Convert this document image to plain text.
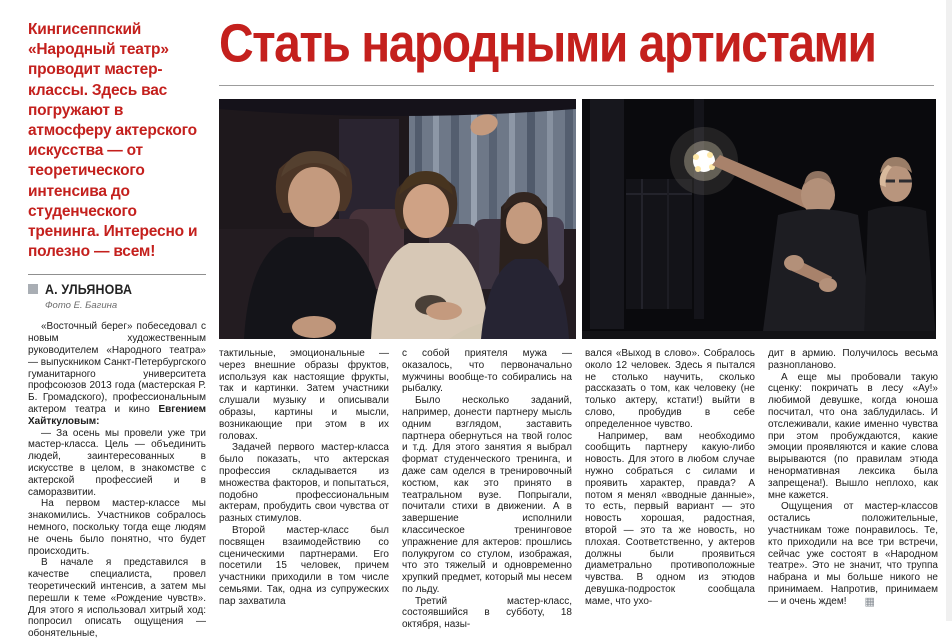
Кингисеппский «Народный театр» проводит мастер-классы. Здесь вас погружают в атмосферу актерского искусства — от теоретического интенсива до студенческого тренинга. Интересно и полезно — всем!
А. УЛЬЯНОВА
Фото Е. Багина

«Восточный берег» побеседовал с новым художественным руководителем «Народного театра» — выпускником Санкт-Петербургского гуманитарного университета профсоюзов 2013 года (мастерская Р. Б. Громадского), профессиональным актером театра и кино Евгением Хайткуловым:

— За осень мы провели уже три мастер-класса. Цель — объединить людей, заинтересованных в искусстве в целом, в знакомстве с актерской профессией и в саморазвитии.

На первом мастер-классе мы знакомились. Участников собралось немного, поскольку тогда еще людям не очень было понятно, что будет происходить.

В начале я представился в качестве специалиста, провел теоретический интенсив, а затем мы перешли к теме «Рождение чувств». Для этого я использовал хитрый ход: попросил описать ощущения — обонятельные,

Стать народными артистами

тактильные, эмоциональные — через внешние образы фруктов, используя как настоящие фрукты, так и картинки. Затем участники слушали музыку и описывали образы, картины и мысли, возникающие при этом в их головах.

Задачей первого мастер-класса было показать, что актерская профессия складывается из множества факторов, и попытаться, подобно профессиональным актерам, пробудить свои чувства от разных стимулов.

Второй мастер-класс был посвящен взаимодействию со сценическими партнерами. Его посетили 15 человек, причем участники приходили в том числе семьями. Так, одна из супружеских пар захватила

с собой приятеля мужа — оказалось, что первоначально мужчины вообще-то собирались на рыбалку.

Было несколько заданий, например, донести партнеру мысль одним взглядом, заставить партнера обернуться на твой голос и т.д. Для этого занятия я выбрал формат студенческого тренинга, и даже сам оделся в тренировочный костюм, как это принято в театральном вузе. Попрыгали, почитали стихи в движении. А в завершение исполнили классическое тренинговое упражнение для актеров: прошлись полукругом со стулом, изображая, что это тяжелый и одновременно хрупкий предмет, который мы несем по льду.

Третий мастер-класс, состоявшийся в субботу, 18 октября, назы-

вался «Выход в слово». Собралось около 12 человек. Здесь я пытался не столько научить, сколько рассказать о том, как человеку (не только актеру, кстати!) выйти в слово, пробудив в себе определенное чувство.

Например, вам необходимо сообщить партнеру какую-либо новость. Для этого в любом случае нужно собраться с силами и проявить характер, правда? А потом я менял «вводные данные», то есть, первый вариант — это новость хорошая, радостная, второй — это та же новость, но плохая. Соответственно, у актеров должны были проявиться диаметрально противоположные чувства. В одном из этюдов девушка-подросток сообщала маме, что ухо-

дит в армию. Получилось весьма разнопланово.

А еще мы пробовали такую сценку: покричать в лесу «Ау!» любимой девушке, когда юноша посчитал, что она заблудилась. И отслеживали, какие именно чувства при этом пробуждаются, какие эмоции проявляются и какие слова вырываются (по правилам этюда ненормативная лексика была запрещена!). Вышло неплохо, как мне кажется.

Ощущения от мастер-классов остались положительные, участникам тоже понравилось. Те, кто приходили на все три встречи, сейчас уже состоят в «Народном театре». Это не значит, что труппа набрана и мы больше никого не принимаем. Напротив, принимаем — и очень ждем! ▦
